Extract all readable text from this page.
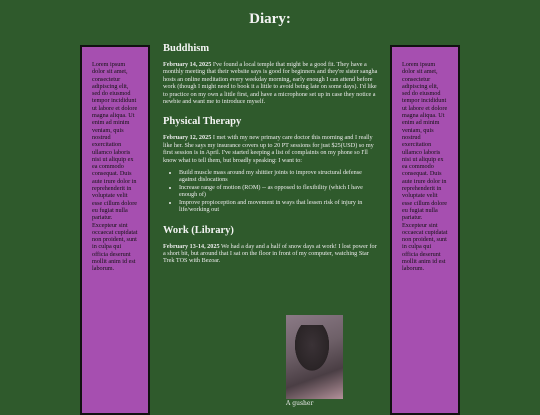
Diary:
Lorem ipsum dolor sit amet, consectetur adipiscing elit, sed do eiusmod tempor incididunt ut labore et dolore magna aliqua. Ut enim ad minim veniam, quis nostrud exercitation ullamco laboris nisi ut aliquip ex ea commodo consequat. Duis aute irure dolor in reprehenderit in voluptate velit esse cillum dolore eu fugiat nulla pariatur. Excepteur sint occaecat cupidatat non proident, sunt in culpa qui officia deserunt mollit anim id est laborum.
Buddhism

February 14, 2025 I've found a local temple that might be a good fit. They have a monthly meeting that their website says is good for beginners and they're sister sangha hosts an online meditation every weekday morning, early enough I can attend before work (though I might need to book it a little to avoid being late on some days). I'd like to practice on my own a little first, and have a microphone set up in case they notice a newbie and want me to introduce myself.

Physical Therapy

February 12, 2025 I met with my new primary care doctor this morning and I really like her. She says my insurance covers up to 20 PT sessions for just $25(USD) so my first session is in April. I've started keeping a list of complaints on my phone so I'll know what to tell them, but broadly speaking: I want to:

• Build muscle mass around my shittier joints to improve structural defense against dislocations
• Increase range of motion (ROM) -- as opposed to flexibility (which I have enough of)
• Improve propioception and movement in ways that lessen risk of injury in life/working out
Work (Library)

February 13-14, 2025 We had a day and a half of snow days at work! I lost power for a short bit, but around that I sat on the floor in front of my computer, watching Star Trek TOS with Bezoar.

A gusher
Lorem ipsum dolor sit amet, consectetur adipiscing elit, sed do eiusmod tempor incididunt ut labore et dolore magna aliqua. Ut enim ad minim veniam, quis nostrud exercitation ullamco laboris nisi ut aliquip ex ea commodo consequat. Duis aute irure dolor in reprehenderit in voluptate velit esse cillum dolore eu fugiat nulla pariatur. Excepteur sint occaecat cupidatat non proident, sunt in culpa qui officia deserunt mollit anim id est laborum.
